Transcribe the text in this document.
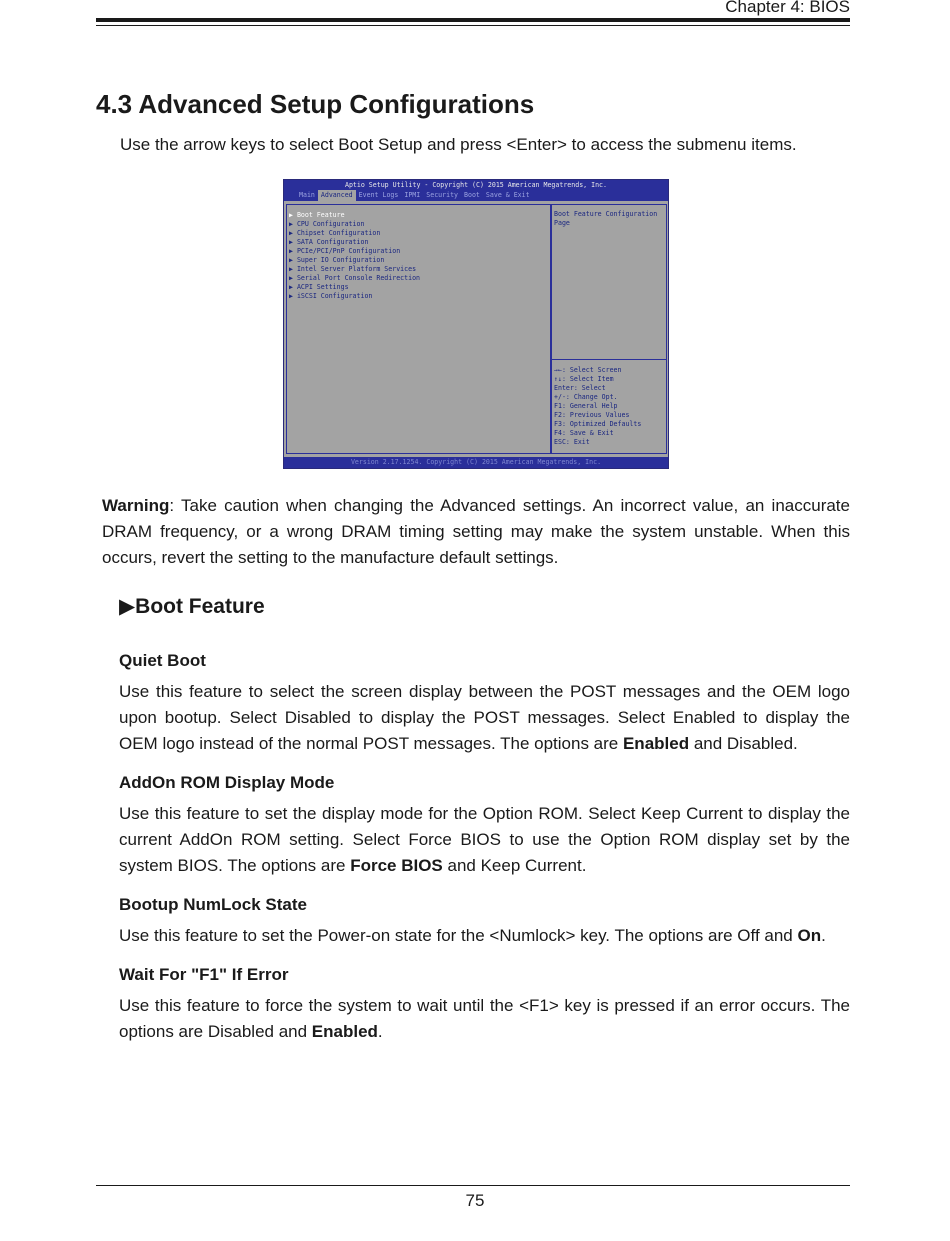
Chapter 4: BIOS
4.3 Advanced Setup Configurations
Use the arrow keys to select Boot Setup and press <Enter> to access the submenu items.
Aptio Setup Utility - Copyright (C) 2015 American Megatrends, Inc.
Main Advanced Event Logs IPMI Security Boot Save & Exit
▶ Boot Feature
▶ CPU Configuration
▶ Chipset Configuration
▶ SATA Configuration
▶ PCIe/PCI/PnP Configuration
▶ Super IO Configuration
▶ Intel Server Platform Services
▶ Serial Port Console Redirection
▶ ACPI Settings
▶ iSCSI Configuration
Boot Feature Configuration Page
→←: Select Screen
↑↓: Select Item
Enter: Select
+/-: Change Opt.
F1: General Help
F2: Previous Values
F3: Optimized Defaults
F4: Save & Exit
ESC: Exit
Version 2.17.1254. Copyright (C) 2015 American Megatrends, Inc.
Warning: Take caution when changing the Advanced settings. An incorrect value, an inaccurate DRAM frequency, or a wrong DRAM timing setting may make the system unstable. When this occurs, revert the setting to the manufacture default settings.
▶Boot Feature
Quiet Boot
Use this feature to select the screen display between the POST messages and the OEM logo upon bootup. Select Disabled to display the POST messages. Select Enabled to display the OEM logo instead of the normal POST messages. The options are Enabled and Disabled.
AddOn ROM Display Mode
Use this feature to set the display mode for the Option ROM. Select Keep Current to display the current AddOn ROM setting. Select Force BIOS to use the Option ROM display set by the system BIOS. The options are Force BIOS and Keep Current.
Bootup NumLock State
Use this feature to set the Power-on state for the <Numlock> key. The options are Off and On.
Wait For "F1" If Error
Use this feature to force the system to wait until the <F1> key is pressed if an error occurs. The options are Disabled and Enabled.
75
